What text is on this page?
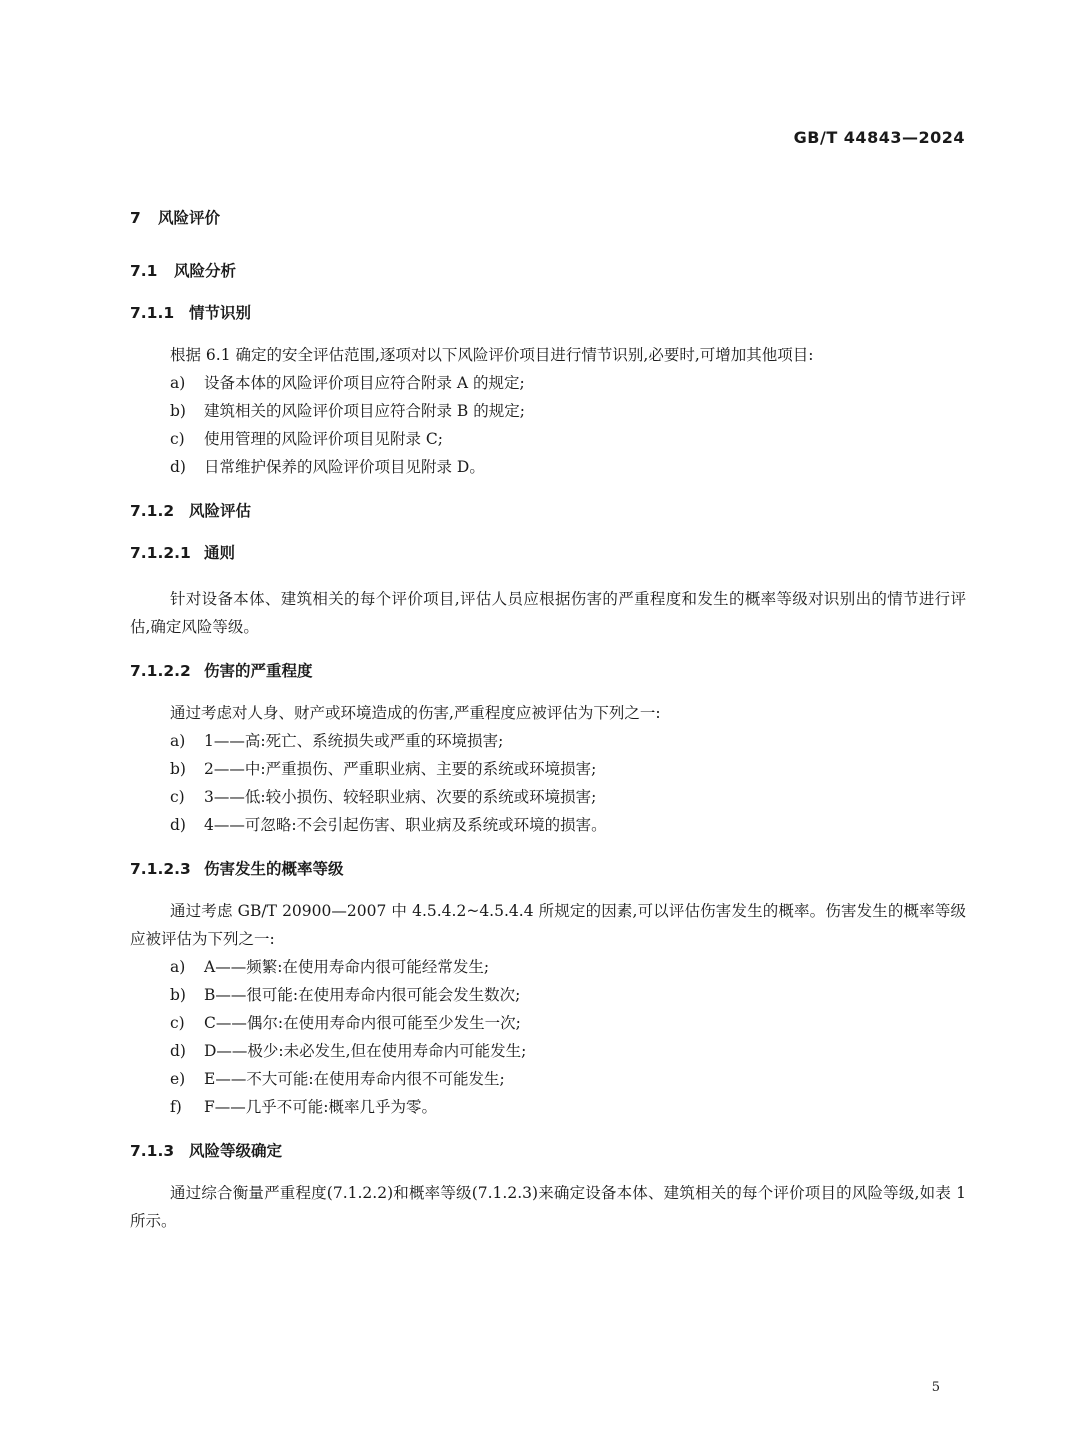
GB/T 44843—2024
7 风险评价
7.1 风险分析
7.1.1 情节识别

根据 6.1 确定的安全评估范围,逐项对以下风险评价项目进行情节识别,必要时,可增加其他项目:

a) 设备本体的风险评价项目应符合附录 A 的规定;

b) 建筑相关的风险评价项目应符合附录 B 的规定;

c) 使用管理的风险评价项目见附录 C;

d) 日常维护保养的风险评价项目见附录 D。

7.1.2 风险评估
7.1.2.1 通则

针对设备本体、建筑相关的每个评价项目,评估人员应根据伤害的严重程度和发生的概率等级对识别出的情节进行评估,确定风险等级。

7.1.2.2 伤害的严重程度

通过考虑对人身、财产或环境造成的伤害,严重程度应被评估为下列之一:

a) 1——高:死亡、系统损失或严重的环境损害;

b) 2——中:严重损伤、严重职业病、主要的系统或环境损害;

c) 3——低:较小损伤、较轻职业病、次要的系统或环境损害;

d) 4——可忽略:不会引起伤害、职业病及系统或环境的损害。

7.1.2.3 伤害发生的概率等级

通过考虑 GB/T 20900—2007 中 4.5.4.2~4.5.4.4 所规定的因素,可以评估伤害发生的概率。伤害发生的概率等级应被评估为下列之一:

a) A——频繁:在使用寿命内很可能经常发生;

b) B——很可能:在使用寿命内很可能会发生数次;

c) C——偶尔:在使用寿命内很可能至少发生一次;

d) D——极少:未必发生,但在使用寿命内可能发生;

e) E——不大可能:在使用寿命内很不可能发生;

f) F——几乎不可能:概率几乎为零。

7.1.3 风险等级确定

通过综合衡量严重程度(7.1.2.2)和概率等级(7.1.2.3)来确定设备本体、建筑相关的每个评价项目的风险等级,如表 1 所示。

5
